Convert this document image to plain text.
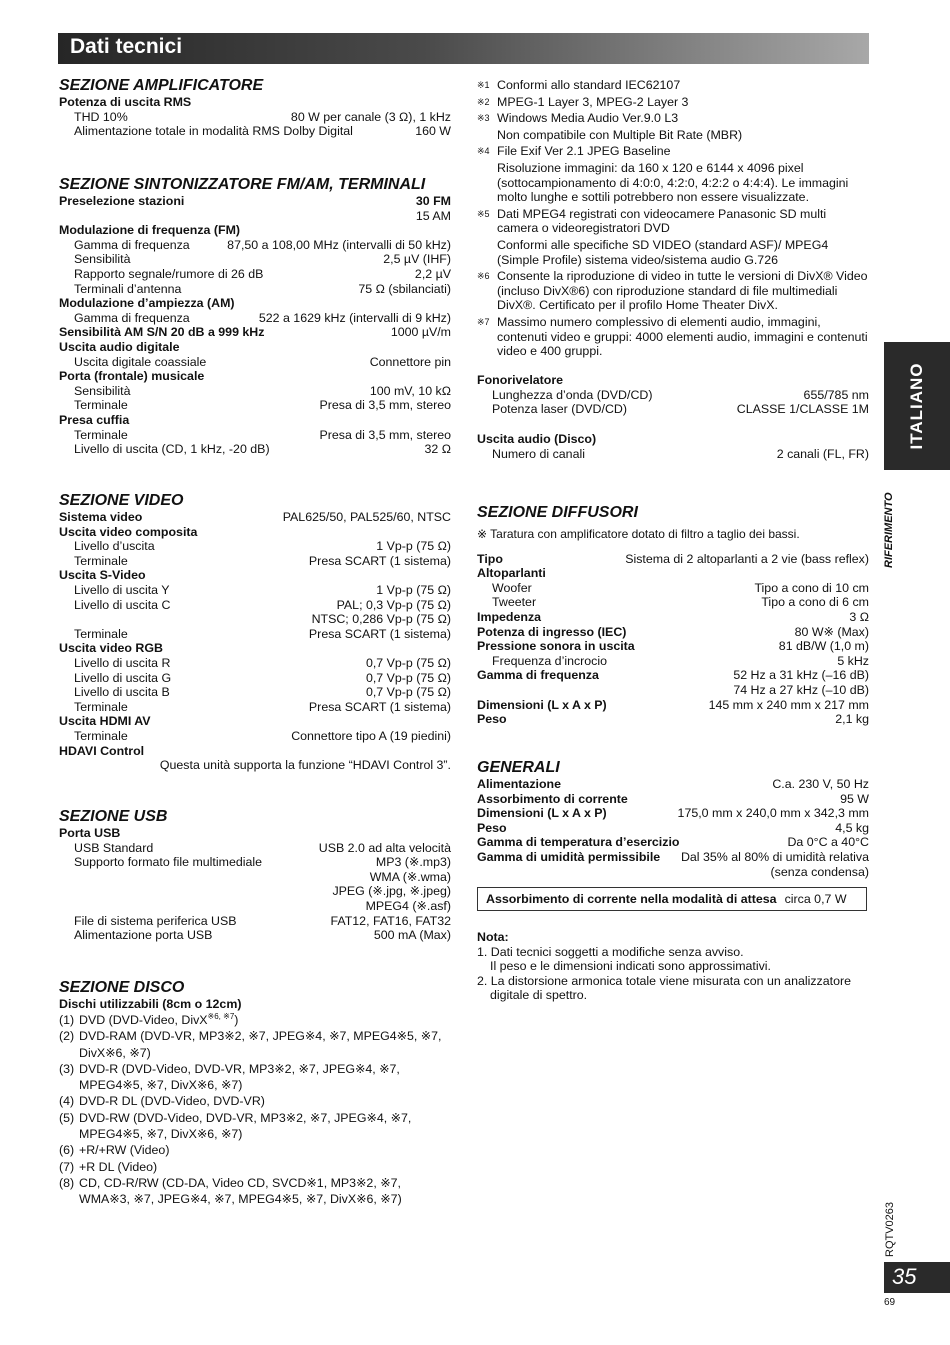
Dati tecnici
SEZIONE AMPLIFICATORE
Potenza di uscita RMS
THD 10%	80 W per canale (3 Ω), 1 kHz
Alimentazione totale in modalità RMS Dolby Digital	160 W
SEZIONE SINTONIZZATORE FM/AM, TERMINALI
Preselezione stazioni	30 FM
15 AM
Modulazione di frequenza (FM)
Gamma di frequenza	87,50 a 108,00 MHz (intervalli di 50 kHz)
Sensibilità	2,5 µV (IHF)
Rapporto segnale/rumore di 26 dB	2,2 µV
Terminali d’antenna	75 Ω (sbilanciati)
Modulazione d’ampiezza (AM)
Gamma di frequenza	522 a 1629 kHz (intervalli di 9 kHz)
Sensibilità AM S/N 20 dB a 999 kHz	1000 µV/m
Uscita audio digitale
Uscita digitale coassiale	Connettore pin
Porta (frontale) musicale
Sensibilità	100 mV, 10 kΩ
Terminale	Presa di 3,5 mm, stereo
Presa cuffia
Terminale	Presa di 3,5 mm, stereo
Livello di uscita (CD, 1 kHz, -20 dB)	32 Ω
SEZIONE VIDEO
Sistema video	PAL625/50, PAL525/60, NTSC
Uscita video composita
Livello d’uscita	1 Vp-p (75 Ω)
Terminale	Presa SCART (1 sistema)
Uscita S-Video
Livello di uscita Y	1 Vp-p (75 Ω)
Livello di uscita C	PAL; 0,3 Vp-p (75 Ω)
NTSC; 0,286 Vp-p (75 Ω)
Terminale	Presa SCART (1 sistema)
Uscita video RGB
Livello di uscita R	0,7 Vp-p (75 Ω)
Livello di uscita G	0,7 Vp-p (75 Ω)
Livello di uscita B	0,7 Vp-p (75 Ω)
Terminale	Presa SCART (1 sistema)
Uscita HDMI AV
Terminale	Connettore tipo A (19 piedini)
HDAVI Control
Questa unità supporta la funzione “HDAVI Control 3”.
SEZIONE USB
Porta USB
USB Standard	USB 2.0 ad alta velocità
Supporto formato file multimediale	MP3 (※.mp3)
WMA (※.wma)
JPEG (※.jpg, ※.jpeg)
MPEG4 (※.asf)
File di sistema periferica USB	FAT12, FAT16, FAT32
Alimentazione porta USB	500 mA (Max)
SEZIONE DISCO
Dischi utilizzabili (8cm o 12cm)
(1) DVD (DVD-Video, DivX$^{※6, ※7}$)
(2) DVD-RAM (DVD-VR, MP3※2, ※7, JPEG※4, ※7, MPEG4※5, ※7,
DivX※6, ※7)
(3) DVD-R (DVD-Video, DVD-VR, MP3※2, ※7, JPEG※4, ※7,
MPEG4※5, ※7, DivX※6, ※7)
(4) DVD-R DL (DVD-Video, DVD-VR)
(5) DVD-RW (DVD-Video, DVD-VR, MP3※2, ※7, JPEG※4, ※7,
MPEG4※5, ※7, DivX※6, ※7)
(6) +R/+RW (Video)
(7) +R DL (Video)
(8) CD, CD-R/RW (CD-DA, Video CD, SVCD※1, MP3※2, ※7,
WMA※3, ※7, JPEG※4, ※7, MPEG4※5, ※7, DivX※6, ※7)
※1 Conformi allo standard IEC62107
※2 MPEG-1 Layer 3, MPEG-2 Layer 3
※3 Windows Media Audio Ver.9.0 L3
Non compatibile con Multiple Bit Rate (MBR)
※4 File Exif Ver 2.1 JPEG Baseline
Risoluzione immagini: da 160 x 120 e 6144 x 4096 pixel (sottocampionamento di 4:0:0, 4:2:0, 4:2:2 o 4:4:4). Le immagini molto lunghe e sottili potrebbero non essere visualizzate.
※5 Dati MPEG4 registrati con videocamere Panasonic SD multi camera o videoregistratori DVD
Conformi alle specifiche SD VIDEO (standard ASF)/ MPEG4 (Simple Profile) sistema video/sistema audio G.726
※6 Consente la riproduzione di video in tutte le versioni di DivX® Video (incluso DivX®6) con riproduzione standard di file multimediali DivX®. Certificato per il profilo Home Theater DivX.
※7 Massimo numero complessivo di elementi audio, immagini, contenuti video e gruppi: 4000 elementi audio, immagini e contenuti video e 400 gruppi.
Fonorivelatore
Lunghezza d’onda (DVD/CD)	655/785 nm
Potenza laser (DVD/CD)	CLASSE 1/CLASSE 1M
Uscita audio (Disco)
Numero di canali	2 canali (FL, FR)
SEZIONE DIFFUSORI
※ Taratura con amplificatore dotato di filtro a taglio dei bassi.
Tipo	Sistema di 2 altoparlanti a 2 vie (bass reflex)
Altoparlanti
Woofer	Tipo a cono di 10 cm
Tweeter	Tipo a cono di 6 cm
Impedenza	3 Ω
Potenza di ingresso (IEC)	80 W※ (Max)
Pressione sonora in uscita	81 dB/W (1,0 m)
Frequenza d’incrocio	5 kHz
Gamma di frequenza	52 Hz a 31 kHz (–16 dB)
74 Hz a 27 kHz (–10 dB)
Dimensioni (L x A x P)	145 mm x 240 mm x 217 mm
Peso	2,1 kg
GENERALI
Alimentazione	C.a. 230 V, 50 Hz
Assorbimento di corrente	95 W
Dimensioni (L x A x P)	175,0 mm x 240,0 mm x 342,3 mm
Peso	4,5 kg
Gamma di temperatura d’esercizio	Da 0°C a 40°C
Gamma di umidità permissibile	Dal 35% al 80% di umidità relativa
(senza condensa)
Assorbimento di corrente nella modalità di attesa circa 0,7 W
Nota:
1. Dati tecnici soggetti a modifiche senza avviso.
Il peso e le dimensioni indicati sono approssimativi.
2. La distorsione armonica totale viene misurata con un analizzatore
digitale di spettro.
ITALIANO
RIFERIMENTO
RQTV0263
35
69
